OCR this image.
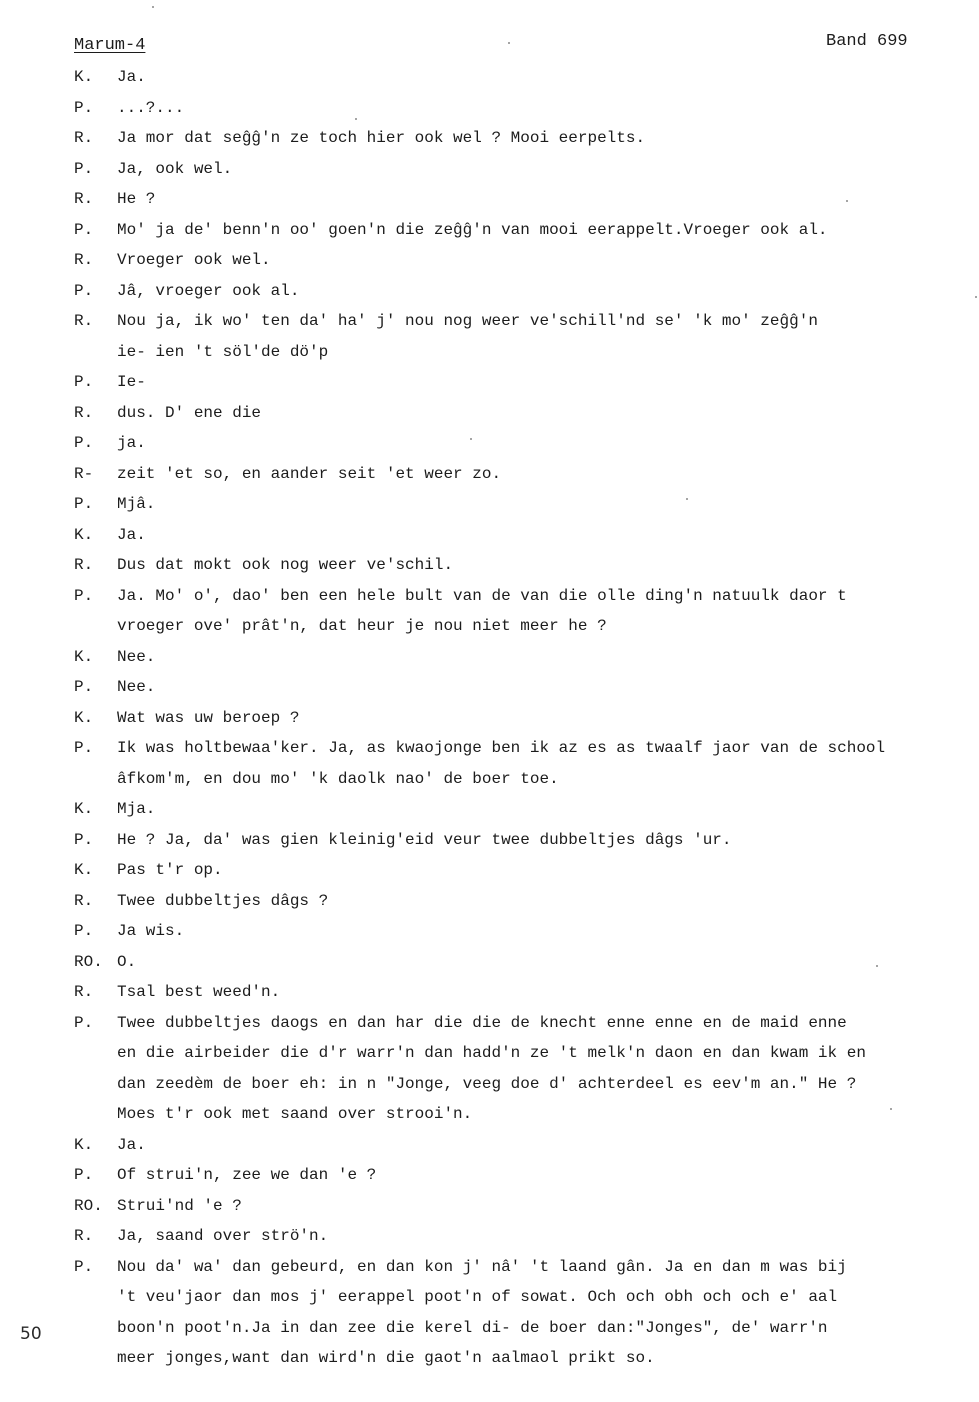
Marum-4	Band 699
K. Ja.
P. ...?...
R. Ja mor dat seĝĝ'n ze toch hier ook wel ? Mooi eerpelts.
P. Ja, ook wel.
R. He ?
P. Mo' ja de' benn'n oo' goen'n die zeĝĝ'n van mooi eerappelt.Vroeger ook al.
R. Vroeger ook wel.
P. Jâ, vroeger ook al.
R. Nou ja, ik wo' ten da' ha' j' nou nog weer ve'schill'nd se' 'k mo' zeĝĝ'n
ie- ien 't söl'de dö'p
P. Ie-
R. dus. D' ene die
P. ja.
R- zeit 'et so, en aander seit 'et weer zo.
P. Mjâ.
K. Ja.
R. Dus dat mokt ook nog weer ve'schil.
P. Ja. Mo' o', dao' ben een hele bult van de van die olle ding'n natuulk daor t
vroeger ove' prât'n, dat heur je nou niet meer he ?
K. Nee.
P. Nee.
K. Wat was uw beroep ?
P. Ik was holtbewaa'ker. Ja, as kwaojonge ben ik az es as twaalf jaor van de school
âfkom'm, en dou mo' 'k daolk nao' de boer toe.
K. Mja.
P. He ? Ja, da' was gien kleinig'eid veur twee dubbeltjes dâgs 'ur.
K. Pas t'r op.
R. Twee dubbeltjes dâgs ?
P. Ja wis.
RO. O.
R. Tsal best weed'n.
P. Twee dubbeltjes daogs en dan har die die de knecht enne enne en de maid enne
en die airbeider die d'r warr'n dan hadd'n ze 't melk'n daon en dan kwam ik en
dan zeedèm de boer eh: in n "Jonge, veeg doe d' achterdeel es eev'm an." He ?
Moes t'r ook met saand over strooi'n.
K. Ja.
P. Of strui'n, zee we dan 'e ?
RO. Strui'nd 'e ?
R. Ja, saand over strö'n.
P. Nou da' wa' dan gebeurd, en dan kon j' nâ' 't laand gân. Ja en dan m was bij
't veu'jaor dan mos j' eerappel poot'n of sowat. Och och obh och och e' aal
boon'n poot'n.Ja in dan zee die kerel di- de boer dan:"Jonges", de' warr'n
meer jonges,want dan wird'n die gaot'n aalmaol prikt so.
50
